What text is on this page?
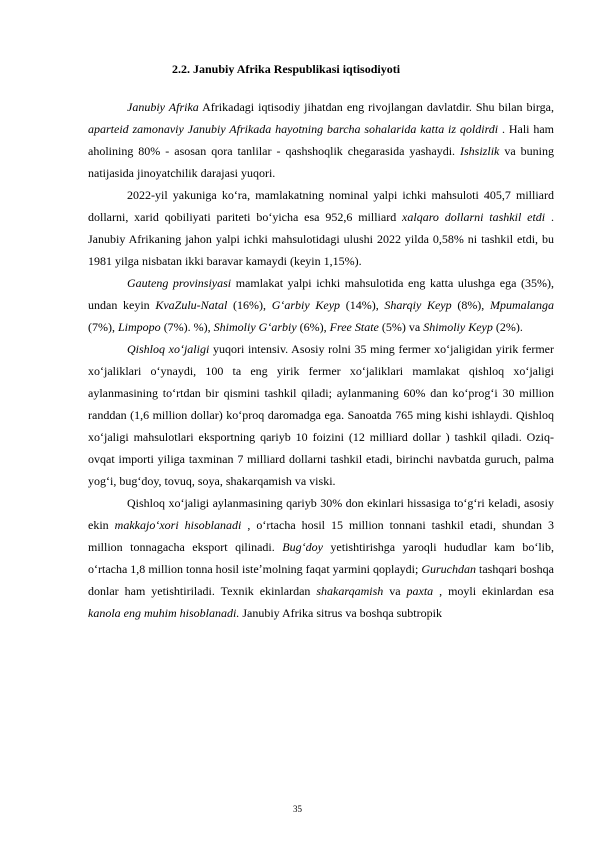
2.2. Janubiy Afrika Respublikasi iqtisodiyoti

Janubiy Afrika Afrikadagi iqtisodiy jihatdan eng rivojlangan davlatdir. Shu bilan birga, aparteid zamonaviy Janubiy Afrikada hayotning barcha sohalarida katta iz qoldirdi . Hali ham aholining 80% - asosan qora tanlilar - qashshoqlik chegarasida yashaydi. Ishsizlik va buning natijasida jinoyatchilik darajasi yuqori.

2022-yil yakuniga koʻra, mamlakatning nominal yalpi ichki mahsuloti 405,7 milliard dollarni, xarid qobiliyati pariteti boʻyicha esa 952,6 milliard xalqaro dollarni tashkil etdi . Janubiy Afrikaning jahon yalpi ichki mahsulotidagi ulushi 2022 yilda 0,58% ni tashkil etdi, bu 1981 yilga nisbatan ikki baravar kamaydi (keyin 1,15%).

Gauteng provinsiyasi mamlakat yalpi ichki mahsulotida eng katta ulushga ega (35%), undan keyin KvaZulu-Natal (16%), Gʻarbiy Keyp (14%), Sharqiy Keyp (8%), Mpumalanga (7%), Limpopo (7%). %), Shimoliy Gʻarbiy (6%), Free State (5%) va Shimoliy Keyp (2%).

Qishloq xoʻjaligi yuqori intensiv. Asosiy rolni 35 ming fermer xoʻjaligidan yirik fermer xoʻjaliklari oʻynaydi, 100 ta eng yirik fermer xoʻjaliklari mamlakat qishloq xoʻjaligi aylanmasining toʻrtdan bir qismini tashkil qiladi; aylanmaning 60% dan koʻprogʻi 30 million randdan (1,6 million dollar) koʻproq daromadga ega. Sanoatda 765 ming kishi ishlaydi. Qishloq xoʻjaligi mahsulotlari eksportning qariyb 10 foizini (12 milliard dollar ) tashkil qiladi. Oziq-ovqat importi yiliga taxminan 7 milliard dollarni tashkil etadi, birinchi navbatda guruch, palma yogʻi, bugʻdoy, tovuq, soya, shakarqamish va viski.

Qishloq xoʻjaligi aylanmasining qariyb 30% don ekinlari hissasiga toʻgʻri keladi, asosiy ekin makkajoʻxori hisoblanadi , oʻrtacha hosil 15 million tonnani tashkil etadi, shundan 3 million tonnagacha eksport qilinadi. Bugʻdoy yetishtirishga yaroqli hududlar kam boʻlib, oʻrtacha 1,8 million tonna hosil isteʼmolning faqat yarmini qoplaydi; Guruchdan tashqari boshqa donlar ham yetishtiriladi. Texnik ekinlardan shakarqamish va paxta , moyli ekinlardan esa kanola eng muhim hisoblanadi. Janubiy Afrika sitrus va boshqa subtropik

35
